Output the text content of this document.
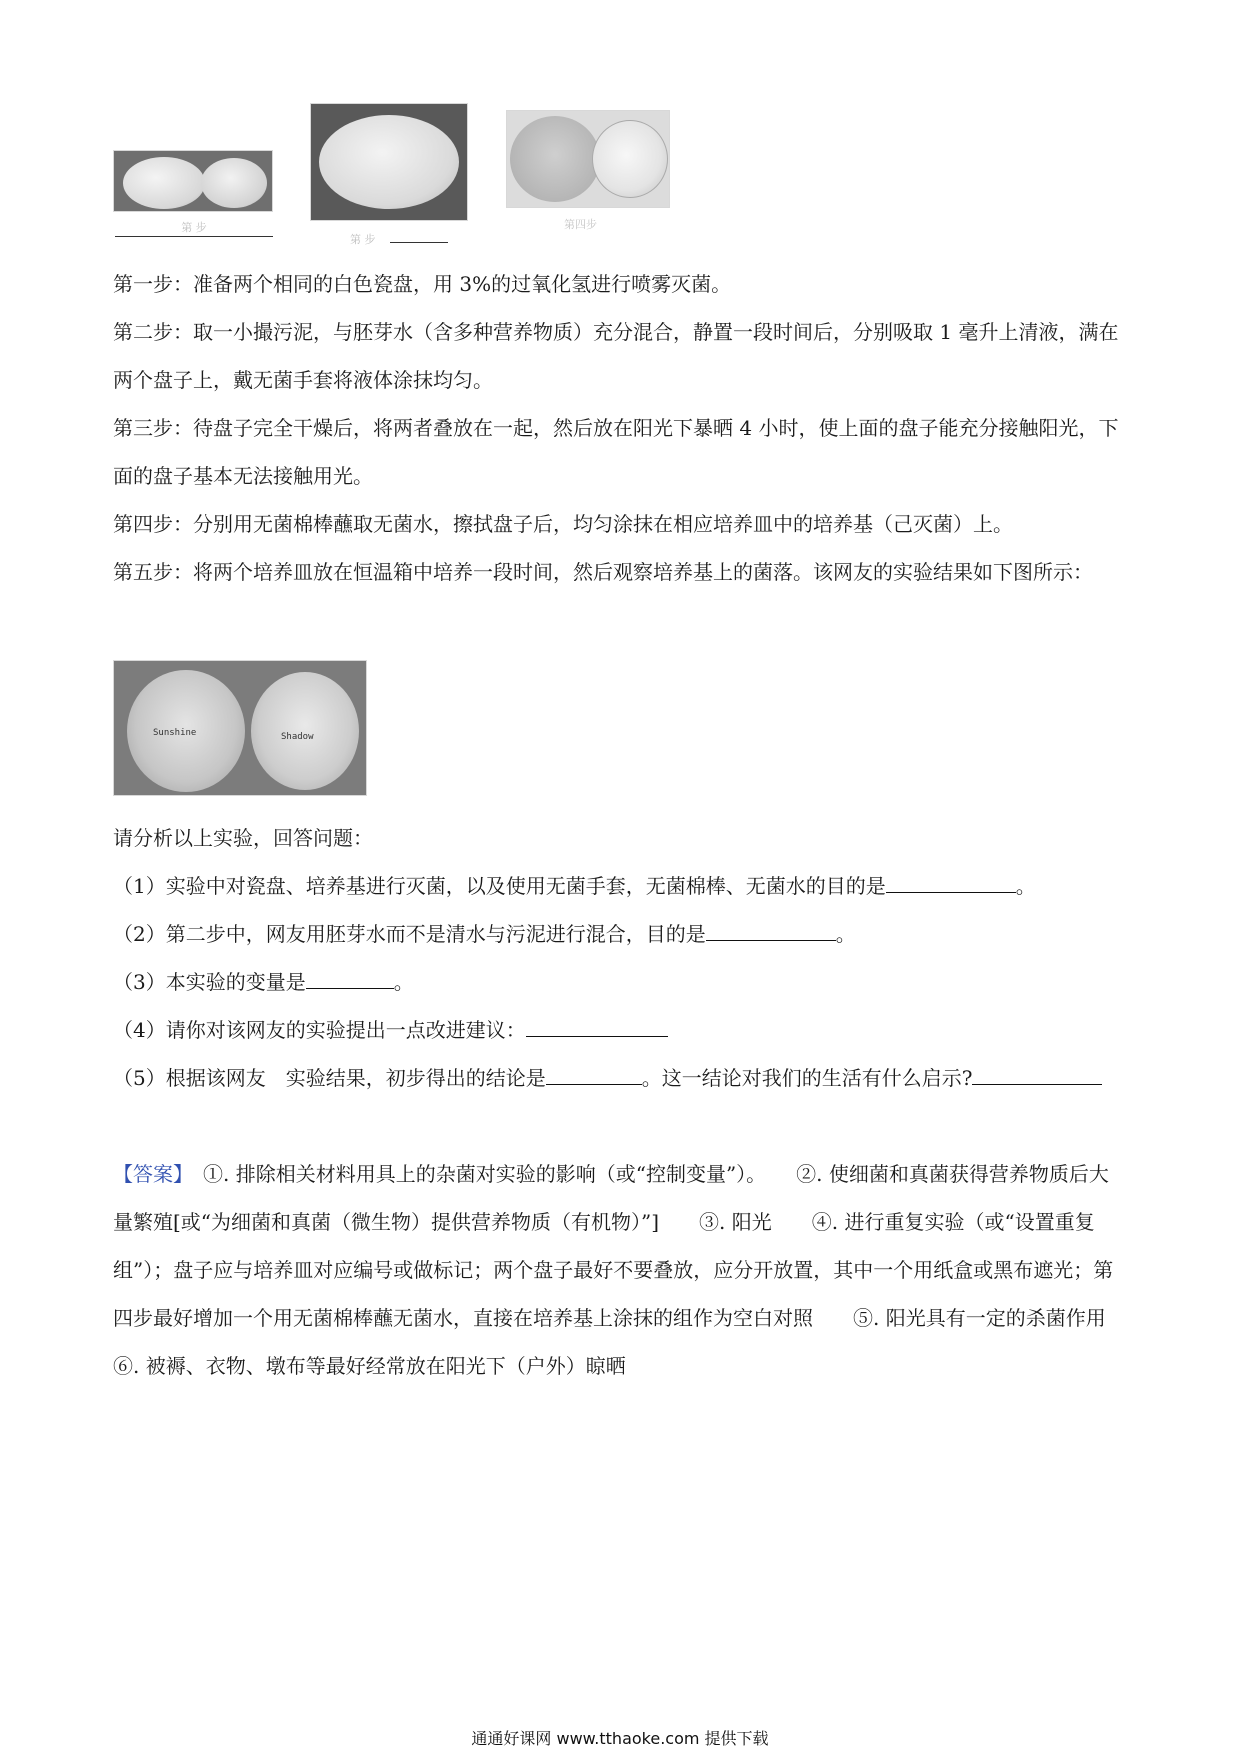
第 步
第 步
第四步

第一步：准备两个相同的白色瓷盘，用 3%的过氧化氢进行喷雾灭菌。

第二步：取一小撮污泥，与胚芽水（含多种营养物质）充分混合，静置一段时间后，分别吸取 1 毫升上清液，满在两个盘子上，戴无菌手套将液体涂抹均匀。

第三步：待盘子完全干燥后，将两者叠放在一起，然后放在阳光下暴晒 4 小时，使上面的盘子能充分接触阳光，下面的盘子基本无法接触用光。

第四步：分别用无菌棉棒蘸取无菌水，擦拭盘子后，均匀涂抹在相应培养皿中的培养基（己灭菌）上。

第五步：将两个培养皿放在恒温箱中培养一段时间，然后观察培养基上的菌落。该网友的实验结果如下图所示：

Sunshine	Shadow

请分析以上实验，回答问题：

（1）实验中对瓷盘、培养基进行灭菌，以及使用无菌手套，无菌棉棒、无菌水的目的是	。

（2）第二步中，网友用胚芽水而不是清水与污泥进行混合，目的是	。

（3）本实验的变量是	。

（4）请你对该网友的实验提出一点改进建议：

（5）根据该网友　实验结果，初步得出的结论是	。这一结论对我们的生活有什么启示?

【答案】　①. 排除相关材料用具上的杂菌对实验的影响（或“控制变量”）。　　②. 使细菌和真菌获得营养物质后大量繁殖[或“为细菌和真菌（微生物）提供营养物质（有机物）”]　　③. 阳光　　④. 进行重复实验（或“设置重复组”）；盘子应与培养皿对应编号或做标记；两个盘子最好不要叠放，应分开放置，其中一个用纸盒或黑布遮光；第四步最好增加一个用无菌棉棒蘸无菌水，直接在培养基上涂抹的组作为空白对照　　⑤. 阳光具有一定的杀菌作用　　⑥. 被褥、衣物、墩布等最好经常放在阳光下（户外）晾晒

通通好课网 www.tthaoke.com 提供下载
